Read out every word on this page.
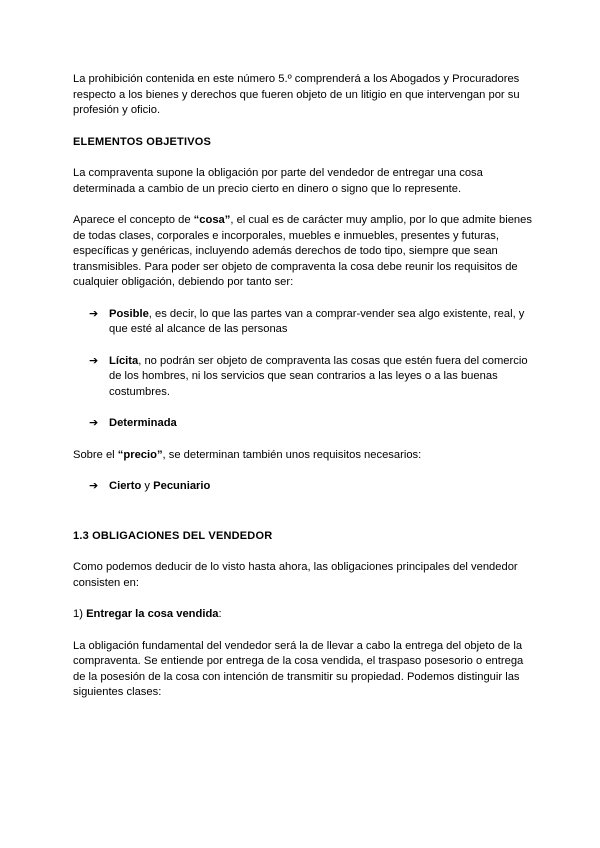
La prohibición contenida en este número 5.º comprenderá a los Abogados y Procuradores respecto a los bienes y derechos que fueren objeto de un litigio en que intervengan por su profesión y oficio.

ELEMENTOS OBJETIVOS

La compraventa supone la obligación por parte del vendedor de entregar una cosa determinada a cambio de un precio cierto en dinero o signo que lo represente.

Aparece el concepto de “cosa”, el cual es de carácter muy amplio, por lo que admite bienes de todas clases, corporales e incorporales, muebles e inmuebles, presentes y futuras, específicas y genéricas, incluyendo además derechos de todo tipo, siempre que sean transmisibles. Para poder ser objeto de compraventa la cosa debe reunir los requisitos de cualquier obligación, debiendo por tanto ser:

➔ Posible, es decir, lo que las partes van a comprar-vender sea algo existente, real, y que esté al alcance de las personas
➔ Lícita, no podrán ser objeto de compraventa las cosas que estén fuera del comercio de los hombres, ni los servicios que sean contrarios a las leyes o a las buenas costumbres.
➔ Determinada

Sobre el “precio”, se determinan también unos requisitos necesarios:

➔ Cierto y Pecuniario

1.3 OBLIGACIONES DEL VENDEDOR

Como podemos deducir de lo visto hasta ahora, las obligaciones principales del vendedor consisten en:

1) Entregar la cosa vendida:

La obligación fundamental del vendedor será la de llevar a cabo la entrega del objeto de la compraventa. Se entiende por entrega de la cosa vendida, el traspaso posesorio o entrega de la posesión de la cosa con intención de transmitir su propiedad. Podemos distinguir las siguientes clases:
